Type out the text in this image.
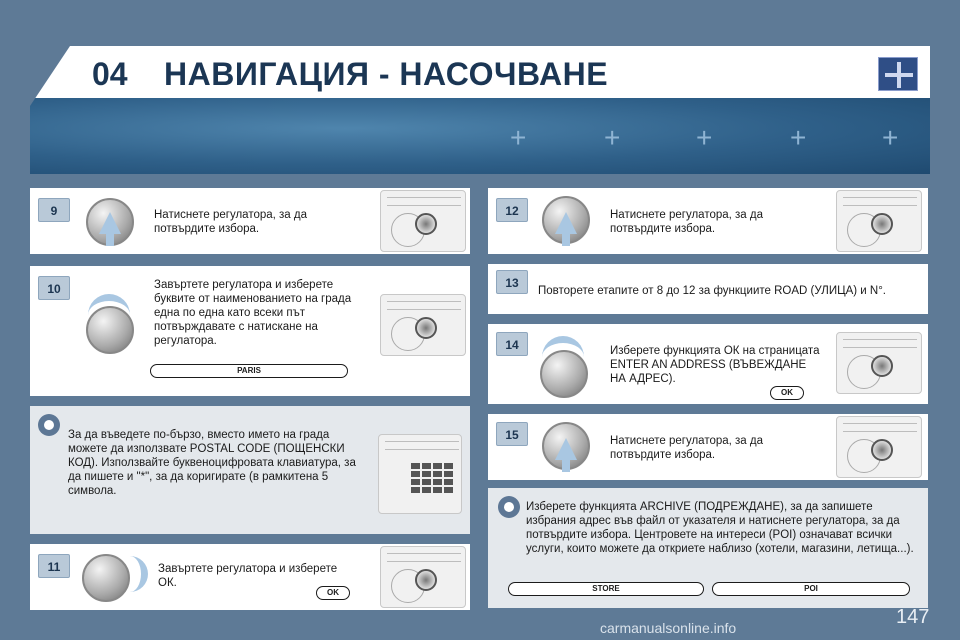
+	+	+	+	+
04 НАВИГАЦИЯ - НАСОЧВАНЕ
9	Натиснете регулатора, за да потвърдите избора.
10	Завъртете регулатора и изберете буквите от наименованието на града една по една като всеки път потвърждавате с натискане на регулатора.
PARIS
За да въведете по-бързо, вместо името на града можете да използвате POSTAL CODE (ПОЩЕНСКИ КОД). Използвайте буквеноцифровата клавиатура, за да пишете и "*", за да коригирате (в рамкитена 5 символа.
11	Завъртете регулатора и изберете ОК.
OK
12	Натиснете регулатора, за да потвърдите избора.
13
Повторете етапите от 8 до 12 за функциите ROAD (УЛИЦА) и N°.
14	Изберете функцията ОК на страницата ENTER AN ADDRESS (ВЪВЕЖДАНЕ НА АДРЕС).
OK
15	Натиснете регулатора, за да потвърдите избора.
Изберете функцията ARCHIVE (ПОДРЕЖДАНЕ), за да запишете избрания адрес във файл от указателя и натиснете регулатора, за да потвърдите избора. Центровете на интереси (POI) означават всички услуги, които можете да откриете наблизо (хотели, магазини, летища...).
STORE	POI
147
carmanualsonline.info
